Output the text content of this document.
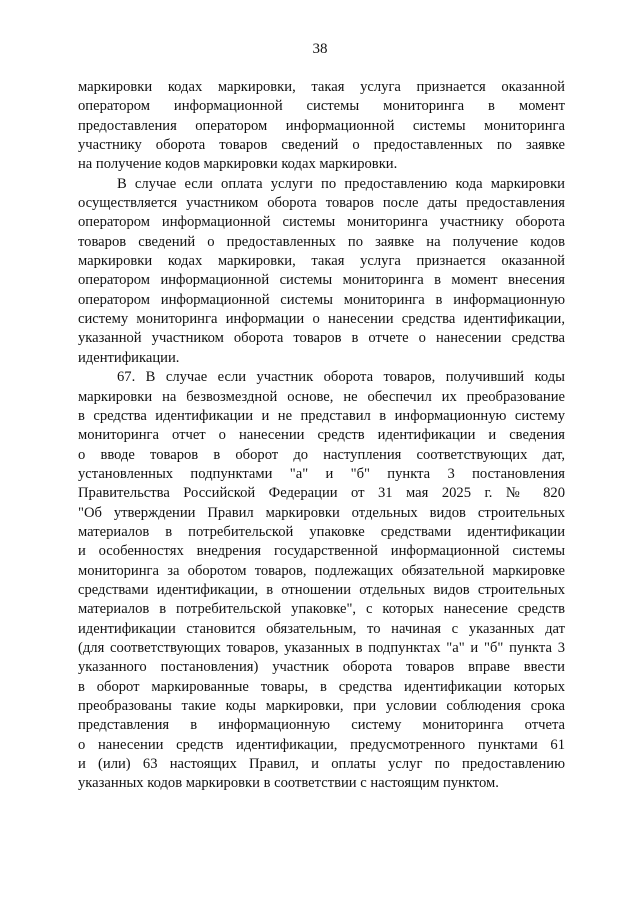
38
маркировки кодах маркировки, такая услуга признается оказанной
оператором информационной системы мониторинга в момент
предоставления оператором информационной системы мониторинга
участнику оборота товаров сведений о предоставленных по заявке
на получение кодов маркировки кодах маркировки.
В случае если оплата услуги по предоставлению кода маркировки
осуществляется участником оборота товаров после даты предоставления
оператором информационной системы мониторинга участнику оборота
товаров сведений о предоставленных по заявке на получение кодов
маркировки кодах маркировки, такая услуга признается оказанной
оператором информационной системы мониторинга в момент внесения
оператором информационной системы мониторинга в информационную
систему мониторинга информации о нанесении средства идентификации,
указанной участником оборота товаров в отчете о нанесении средства
идентификации.
67. В случае если участник оборота товаров, получивший коды
маркировки на безвозмездной основе, не обеспечил их преобразование
в средства идентификации и не представил в информационную систему
мониторинга отчет о нанесении средств идентификации и сведения
о вводе товаров в оборот до наступления соответствующих дат,
установленных подпунктами "а" и "б" пункта 3 постановления
Правительства Российской Федерации от 31 мая 2025 г. № 820
"Об утверждении Правил маркировки отдельных видов строительных
материалов в потребительской упаковке средствами идентификации
и особенностях внедрения государственной информационной системы
мониторинга за оборотом товаров, подлежащих обязательной маркировке
средствами идентификации, в отношении отдельных видов строительных
материалов в потребительской упаковке", с которых нанесение средств
идентификации становится обязательным, то начиная с указанных дат
(для соответствующих товаров, указанных в подпунктах "а" и "б" пункта 3
указанного постановления) участник оборота товаров вправе ввести
в оборот маркированные товары, в средства идентификации которых
преобразованы такие коды маркировки, при условии соблюдения срока
представления в информационную систему мониторинга отчета
о нанесении средств идентификации, предусмотренного пунктами 61
и (или) 63 настоящих Правил, и оплаты услуг по предоставлению
указанных кодов маркировки в соответствии с настоящим пунктом.
